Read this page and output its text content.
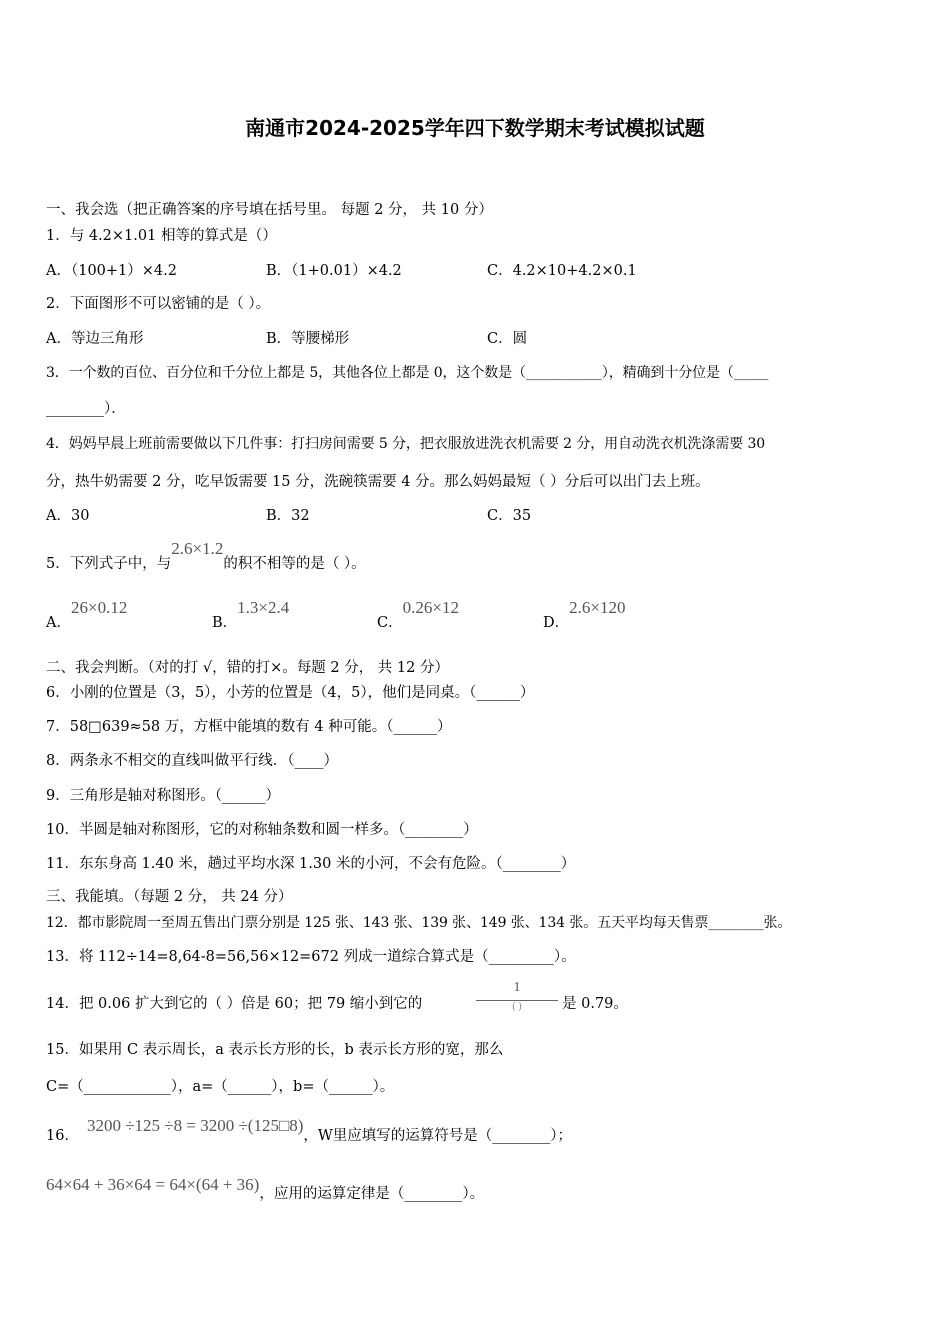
南通市2024-2025学年四下数学期末考试模拟试题
一、我会选（把正确答案的序号填在括号里。 每题 2 分， 共 10 分）
1．与 4.2×1.01 相等的算式是（）
A．（100+1）×4.2	B．（1+0.01）×4.2	C．4.2×10+4.2×0.1
2．下面图形不可以密铺的是（ ）。
A．等边三角形	B．等腰梯形	C．圆
3．一个数的百位、百分位和千分位上都是 5，其他各位上都是 0，这个数是（___________），精确到十分位是（_____
________）．
4．妈妈早晨上班前需要做以下几件事：打扫房间需要 5 分，把衣服放进洗衣机需要 2 分，用自动洗衣机洗涤需要 30
分，热牛奶需要 2 分，吃早饭需要 15 分，洗碗筷需要 4 分。那么妈妈最短（ ）分后可以出门去上班。
A．30	B．32	C．35
5．下列式子中，与2.6×1.2的积不相等的是（ ）。
A．26×0.12
B．1.3×2.4
C．0.26×12
D．2.6×120
二、我会判断。（对的打 √，错的打×。每题 2 分， 共 12 分）
6．小刚的位置是（3，5），小芳的位置是（4，5），他们是同桌。（______）
7．58□639≈58 万，方框中能填的数有 4 种可能。（______）
8．两条永不相交的直线叫做平行线．（____）
9．三角形是轴对称图形。（______）
10．半圆是轴对称图形，它的对称轴条数和圆一样多。（________）
11．东东身高 1.40 米，趟过平均水深 1.30 米的小河，不会有危险。（________）
三、我能填。（每题 2 分， 共 24 分）
12．都市影院周一至周五售出门票分别是 125 张、143 张、139 张、149 张、134 张。五天平均每天售票________张。
13．将 112÷14=8,64-8=56,56×12=672 列成一道综合算式是（_________）。
14．把 0.06 扩大到它的（ ）倍是 60；把 79 缩小到它的
1
( )	是 0.79。
15．如果用 C 表示周长，a 表示长方形的长，b 表示长方形的宽，那么
C=（____________），a=（______），b=（______）。
16．3200 ÷125 ÷8 = 3200 ÷(125□8)，W里应填写的运算符号是（________）；
64×64 + 36×64 = 64×(64 + 36)，应用的运算定律是（________）。
